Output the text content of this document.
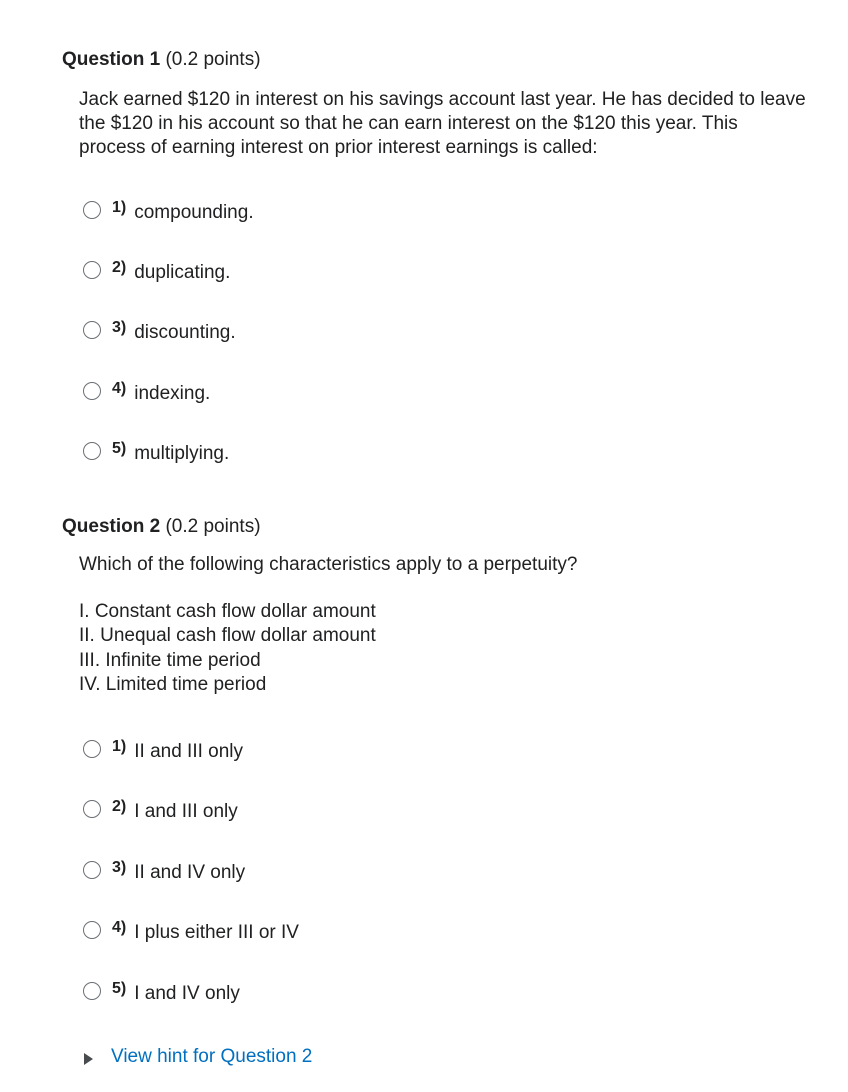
Question 1 (0.2 points)

Jack earned $120 in interest on his savings account last year. He has decided to leave the $120 in his account so that he can earn interest on the $120 this year. This process of earning interest on prior interest earnings is called:

1) compounding.
2) duplicating.
3) discounting.
4) indexing.
5) multiplying.
Question 2 (0.2 points)

Which of the following characteristics apply to a perpetuity?

I. Constant cash flow dollar amount
II. Unequal cash flow dollar amount
III. Infinite time period
IV. Limited time period
1) II and III only
2) I and III only
3) II and IV only
4) I plus either III or IV
5) I and IV only
View hint for Question 2
